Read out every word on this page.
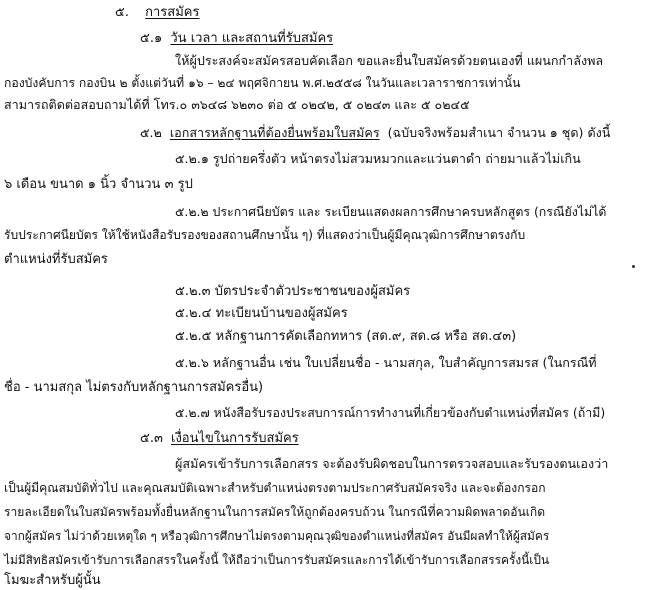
๕. การสมัคร
๕.๑ วัน เวลา และสถานที่รับสมัคร
ให้ผู้ประสงค์จะสมัครสอบคัดเลือก ขอและยื่นใบสมัครด้วยตนเองที่ แผนกกำลังพล
กองบังคับการ กองบิน ๒ ตั้งแต่วันที่ ๑๖ – ๒๔ พฤศจิกายน พ.ศ.๒๕๕๘ ในวันและเวลาราชการเท่านั้น
สามารถติดต่อสอบถามได้ที่ โทร.๐ ๓๖๔๘ ๖๒๓๐ ต่อ ๕ ๐๒๔๒, ๕ ๐๒๔๓ และ ๕ ๐๒๔๕
๕.๒ เอกสารหลักฐานที่ต้องยื่นพร้อมใบสมัคร (ฉบับจริงพร้อมสำเนา จำนวน ๑ ชุด) ดังนี้
๕.๒.๑ รูปถ่ายครึ่งตัว หน้าตรงไม่สวมหมวกและแว่นตาดำ ถ่ายมาแล้วไม่เกิน
๖ เดือน ขนาด ๑ นิ้ว จำนวน ๓ รูป
๕.๒.๒ ประกาศนียบัตร และ ระเบียนแสดงผลการศึกษาครบหลักสูตร (กรณียังไม่ได้
รับประกาศนียบัตร ให้ใช้หนังสือรับรองของสถานศึกษานั้น ๆ) ที่แสดงว่าเป็นผู้มีคุณวุฒิการศึกษาตรงกับ
ตำแหน่งที่รับสมัคร
๕.๒.๓ บัตรประจำตัวประชาชนของผู้สมัคร
๕.๒.๔ ทะเบียนบ้านของผู้สมัคร
๕.๒.๕ หลักฐานการคัดเลือกทหาร (สด.๙, สด.๘ หรือ สด.๔๓)
๕.๒.๖ หลักฐานอื่น เช่น ใบเปลี่ยนชื่อ - นามสกุล, ใบสำคัญการสมรส (ในกรณีที่
ชื่อ - นามสกุล ไม่ตรงกับหลักฐานการสมัครอื่น)
๕.๒.๗ หนังสือรับรองประสบการณ์การทำงานที่เกี่ยวข้องกับตำแหน่งที่สมัคร (ถ้ามี)
๕.๓ เงื่อนไขในการรับสมัคร
ผู้สมัครเข้ารับการเลือกสรร จะต้องรับผิดชอบในการตรวจสอบและรับรองตนเองว่า
เป็นผู้มีคุณสมบัติทั่วไป และคุณสมบัติเฉพาะสำหรับตำแหน่งตรงตามประกาศรับสมัครจริง และจะต้องกรอก
รายละเอียดในใบสมัครพร้อมทั้งยื่นหลักฐานในการสมัครให้ถูกต้องครบถ้วน ในกรณีที่ความผิดพลาดอันเกิด
จากผู้สมัคร ไม่ว่าด้วยเหตุใด ๆ หรือวุฒิการศึกษาไม่ตรงตามคุณวุฒิของตำแหน่งที่สมัคร อันมีผลทำให้ผู้สมัคร
ไม่มีสิทธิสมัครเข้ารับการเลือกสรรในครั้งนี้ ให้ถือว่าเป็นการรับสมัครและการได้เข้ารับการเลือกสรรครั้งนี้เป็น
โมฆะสำหรับผู้นั้น
